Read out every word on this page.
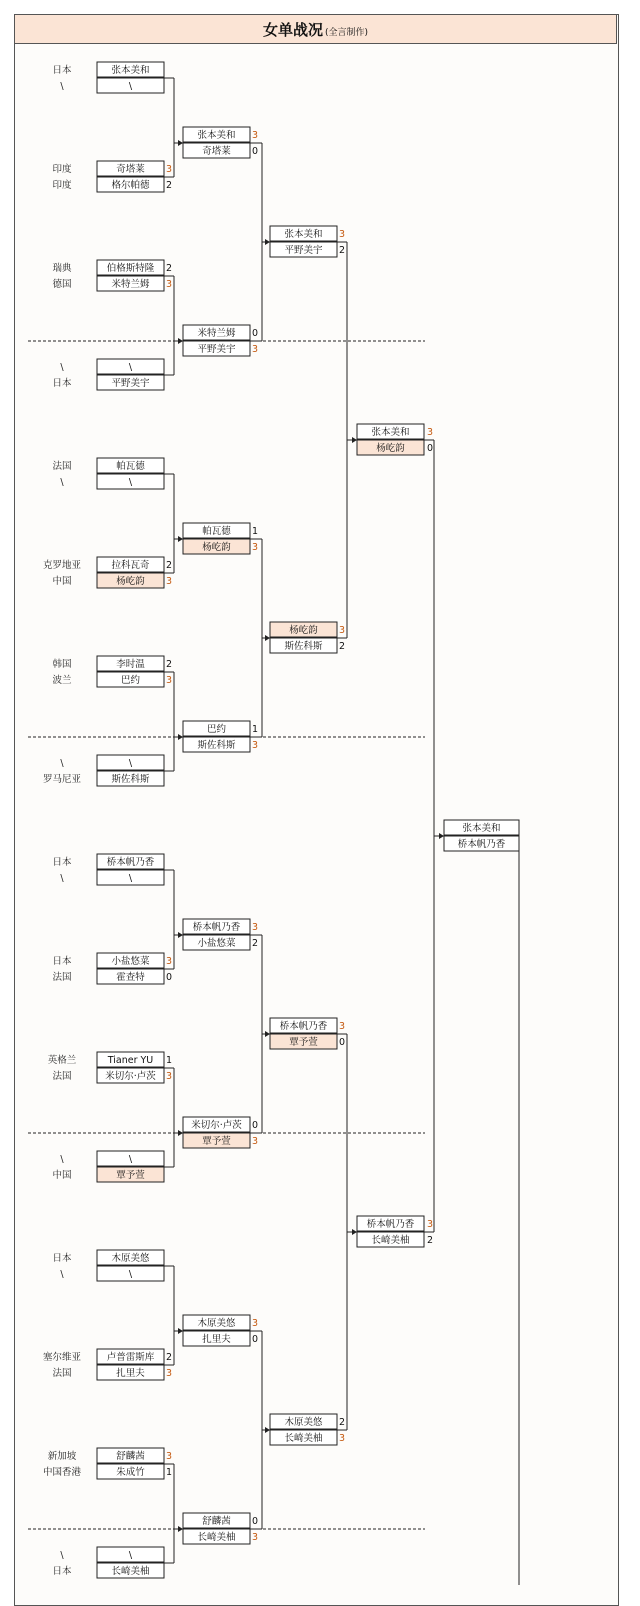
女单战况 (全言制作)
日本	张本美和
\	\
印度	奇塔莱 3
印度	格尔帕德 2
瑞典	伯格斯特隆 2
德国	米特兰姆 3
\	\
日本	平野美宇
法国	帕瓦德
\	\
克罗地亚	拉科瓦奇 2
中国	杨屹韵 3
韩国	李时温 2
波兰	巴约	3
\	\
罗马尼亚	斯佐科斯
日本	桥本帆乃香
\	\
日本	小盐悠菜 3
法国	霍查特 0
英格兰	Tianer YU 1
法国	米切尔·卢茨 3
\	\
中国	覃予萱
日本	木原美悠
\	\
塞尔维亚	卢普雷斯库 2
法国	扎里夫 3
新加坡	舒麟茜 3
中国香港	朱成竹 1
\	\
日本	长崎美柚
张本美和 3
奇塔莱 0
米特兰姆 0
平野美宇 3
帕瓦德 1
杨屹韵 3
巴约	1
斯佐科斯 3
桥本帆乃香 3
小盐悠菜 2
米切尔·卢茨 0
覃予萱 3
木原美悠 3
扎里夫 0
舒麟茜 0
长崎美柚 3
张本美和 3
平野美宇 2
杨屹韵 3
斯佐科斯 2
桥本帆乃香 3
覃予萱 0
木原美悠 2
长崎美柚 3
张本美和 3
杨屹韵 0
桥本帆乃香 3
长崎美柚 2
张本美和
桥本帆乃香
